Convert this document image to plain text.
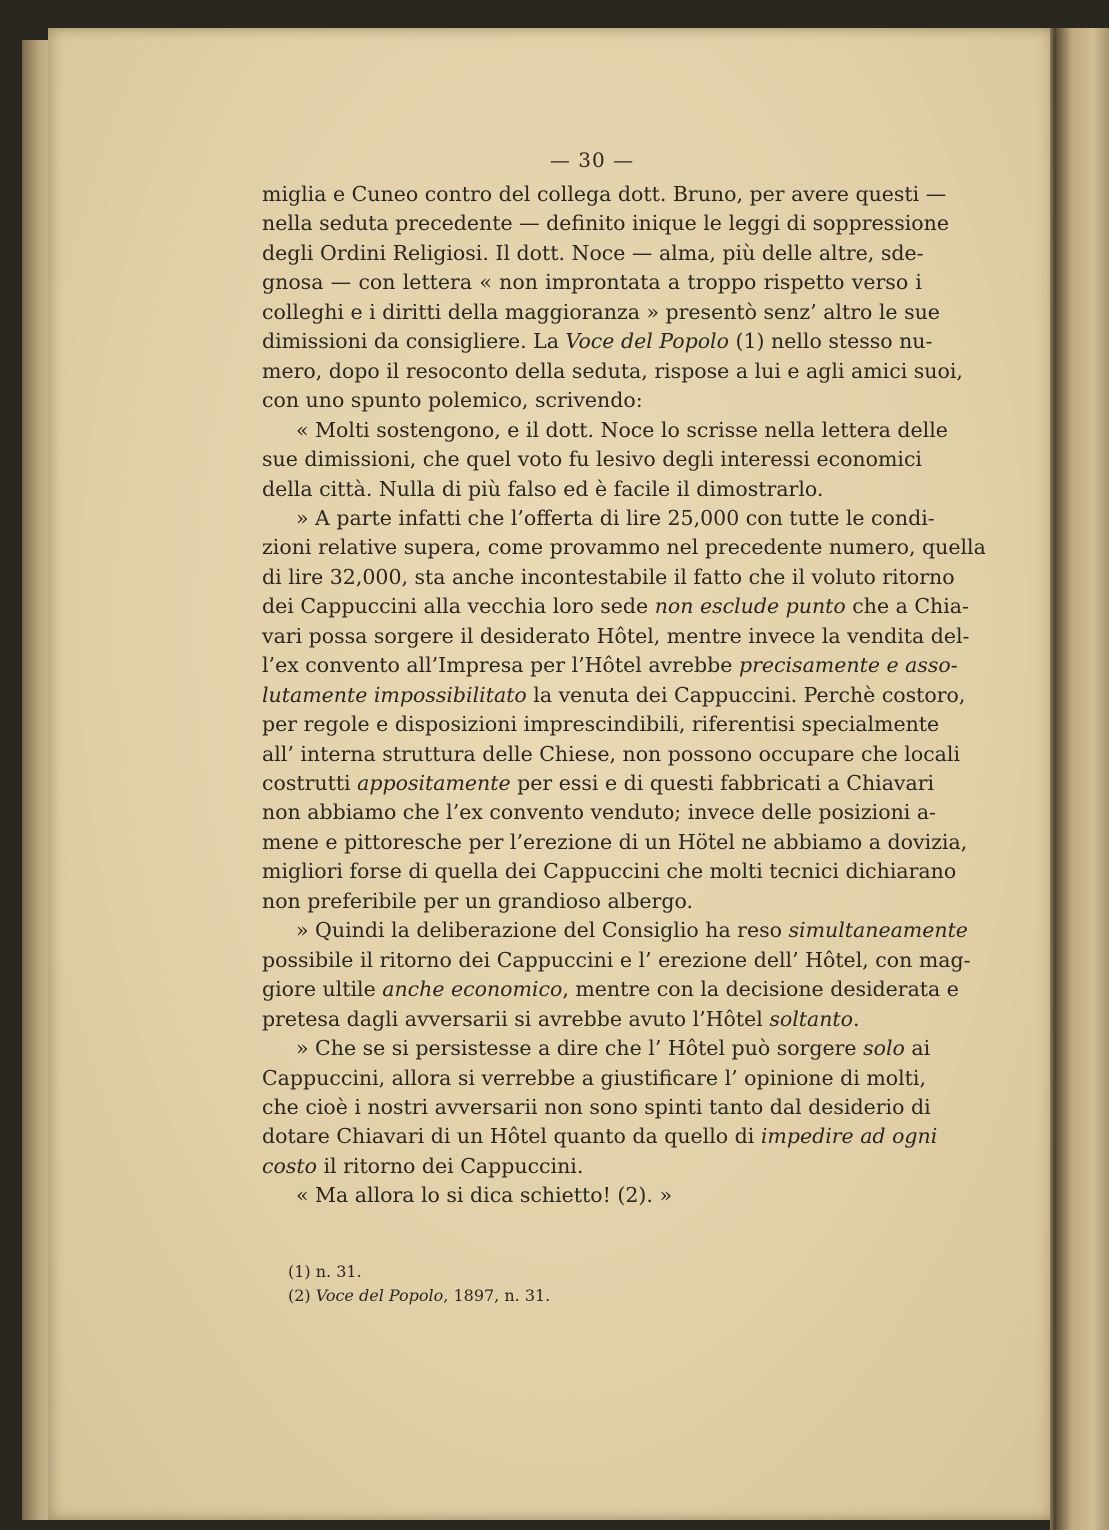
— 30 —
miglia e Cuneo contro del collega dott. Bruno, per avere questi —
nella seduta precedente — definito inique le leggi di soppressione
degli Ordini Religiosi. Il dott. Noce — alma, più delle altre, sde-
gnosa — con lettera « non improntata a troppo rispetto verso i
colleghi e i diritti della maggioranza » presentò senz’ altro le sue
dimissioni da consigliere. La Voce del Popolo (1) nello stesso nu-
mero, dopo il resoconto della seduta, rispose a lui e agli amici suoi,
con uno spunto polemico, scrivendo:
« Molti sostengono, e il dott. Noce lo scrisse nella lettera delle
sue dimissioni, che quel voto fu lesivo degli interessi economici
della città. Nulla di più falso ed è facile il dimostrarlo.
» A parte infatti che l’offerta di lire 25,000 con tutte le condi-
zioni relative supera, come provammo nel precedente numero, quella
di lire 32,000, sta anche incontestabile il fatto che il voluto ritorno
dei Cappuccini alla vecchia loro sede non esclude punto che a Chia-
vari possa sorgere il desiderato Hôtel, mentre invece la vendita del-
l’ex convento all’Impresa per l’Hôtel avrebbe precisamente e asso-
lutamente impossibilitato la venuta dei Cappuccini. Perchè costoro,
per regole e disposizioni imprescindibili, riferentisi specialmente
all’ interna struttura delle Chiese, non possono occupare che locali
costrutti appositamente per essi e di questi fabbricati a Chiavari
non abbiamo che l’ex convento venduto; invece delle posizioni a-
mene e pittoresche per l’erezione di un Hötel ne abbiamo a dovizia,
migliori forse di quella dei Cappuccini che molti tecnici dichiarano
non preferibile per un grandioso albergo.
» Quindi la deliberazione del Consiglio ha reso simultaneamente
possibile il ritorno dei Cappuccini e l’ erezione dell’ Hôtel, con mag-
giore ultile anche economico, mentre con la decisione desiderata e
pretesa dagli avversarii si avrebbe avuto l’Hôtel soltanto.
» Che se si persistesse a dire che l’ Hôtel può sorgere solo ai
Cappuccini, allora si verrebbe a giustificare l’ opinione di molti,
che cioè i nostri avversarii non sono spinti tanto dal desiderio di
dotare Chiavari di un Hôtel quanto da quello di impedire ad ogni
costo il ritorno dei Cappuccini.
« Ma allora lo si dica schietto! (2). »
(1) n. 31.
(2) Voce del Popolo, 1897, n. 31.
